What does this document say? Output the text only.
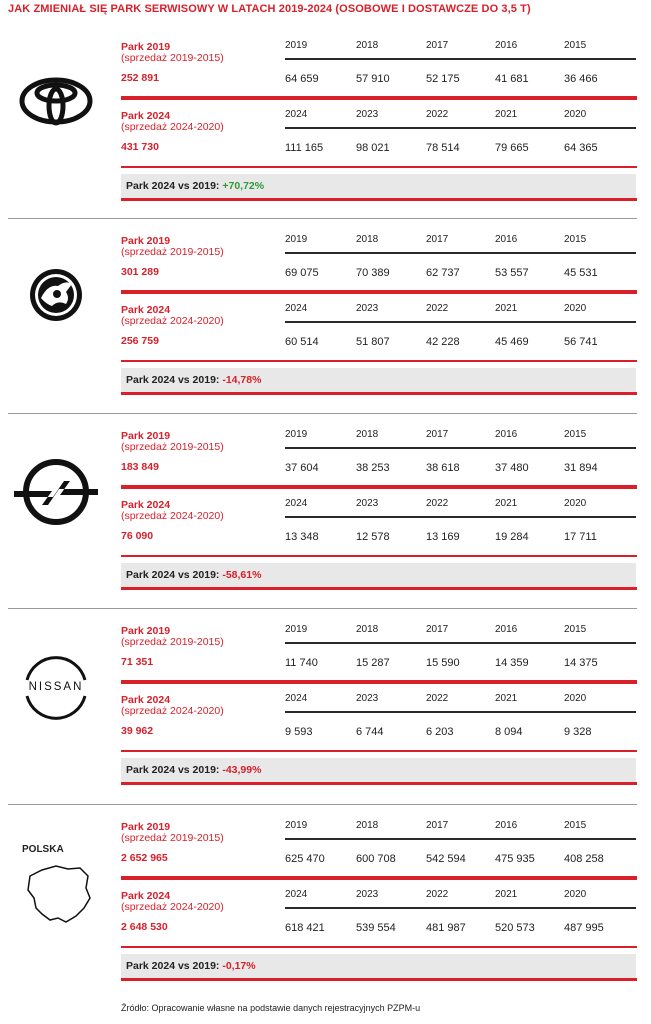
JAK ZMIENIAŁ SIĘ PARK SERWISOWY W LATACH 2019-2024 (OSOBOWE I DOSTAWCZE DO 3,5 T)
Park 2019
(sprzedaż 2019-2015)
252 891
2019	2018	2017	2016	2015
64 659	57 910	52 175	41 681	36 466
Park 2024
(sprzedaż 2024-2020)
431 730
2024	2023	2022	2021	2020
111 165	98 021	78 514	79 665	64 365
Park 2024 vs 2019: +70,72%
Park 2019
(sprzedaż 2019-2015)
301 289
2019	2018	2017	2016	2015
69 075	70 389	62 737	53 557	45 531
Park 2024
(sprzedaż 2024-2020)
256 759
2024	2023	2022	2021	2020
60 514	51 807	42 228	45 469	56 741
Park 2024 vs 2019: -14,78%
Park 2019
(sprzedaż 2019-2015)
183 849
2019	2018	2017	2016	2015
37 604	38 253	38 618	37 480	31 894
Park 2024
(sprzedaż 2024-2020)
76 090
2024	2023	2022	2021	2020
13 348	12 578	13 169	19 284	17 711
Park 2024 vs 2019: -58,61%
NISSAN
Park 2019
(sprzedaż 2019-2015)
71 351
2019	2018	2017	2016	2015
11 740	15 287	15 590	14 359	14 375
Park 2024
(sprzedaż 2024-2020)
39 962
2024	2023	2022	2021	2020
9 593	6 744	6 203	8 094	9 328
Park 2024 vs 2019: -43,99%
POLSKA
Park 2019
(sprzedaż 2019-2015)
2 652 965
2019	2018	2017	2016	2015
625 470	600 708	542 594	475 935	408 258
Park 2024
(sprzedaż 2024-2020)
2 648 530
2024	2023	2022	2021	2020
618 421	539 554	481 987	520 573	487 995
Park 2024 vs 2019: -0,17%
Źródło: Opracowanie własne na podstawie danych rejestracyjnych PZPM-u
